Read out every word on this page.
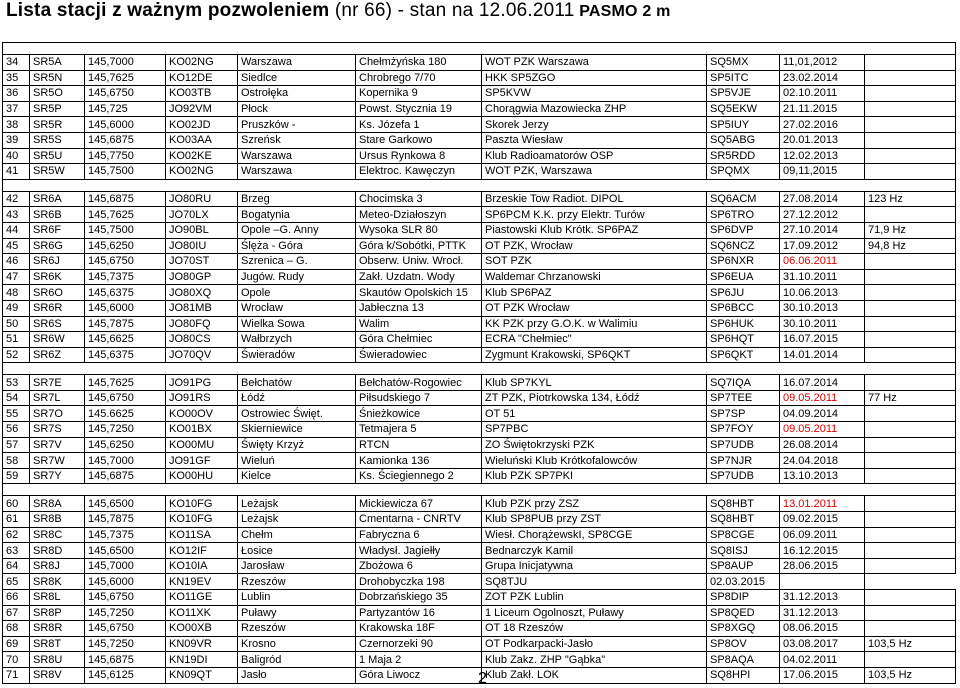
Lista stacji z ważnym pozwoleniem (nr 66) - stan na 12.06.2011 PASMO 2 m

34	SR5A	145,7000	KO02NG	Warszawa	Chełmżyńska 180	WOT PZK Warszawa	SQ5MX	11,01,2012	
35	SR5N	145,7625	KO12DE	Siedlce	Chrobrego 7/70	HKK SP5ZGO	SP5ITC	23.02.2014	
36	SR5O	145,6750	KO03TB	Ostrołęka	Kopernika 9	SP5KVW	SP5VJE	02.10.2011	
37	SR5P	145,725	JO92VM	Płock	Powst. Stycznia 19	Chorągwia Mazowiecka ZHP	SQ5EKW	21.11.2015	
38	SR5R	145,6000	KO02JD	Pruszków -	Ks. Józefa 1	Skorek Jerzy	SP5IUY	27.02.2016	
39	SR5S	145,6875	KO03AA	Szreńsk	Stare Garkowo	Paszta Wiesław	SQ5ABG	20.01.2013	
40	SR5U	145,7750	KO02KE	Warszawa	Ursus Rynkowa 8	Klub Radioamatorów OSP	SR5RDD	12.02.2013	
41	SR5W	145,7500	KO02NG	Warszawa	Elektroc. Kawęczyn	WOT PZK, Warszawa	SPQMX	09,11,2015	

42	SR6A	145,6875	JO80RU	Brzeg	Chocimska 3	Brzeskie Tow Radiot. DIPOL	SQ6ACM	27.08.2014	123 Hz
43	SR6B	145,7625	JO70LX	Bogatynia	Meteo-Działoszyn	SP6PCM K.K. przy Elektr. Turów	SP6TRO	27.12.2012	
44	SR6F	145,7500	JO90BL	Opole –G. Anny	Wysoka SLR 80	Piastowski Klub Krótk. SP6PAZ	SP6DVP	27.10.2014	71,9 Hz
45	SR6G	145,6250	JO80IU	Ślęża - Góra	Góra k/Sobótki, PTTK	OT PZK, Wrocław	SQ6NCZ	17.09.2012	94,8 Hz
46	SR6J	145,6750	JO70ST	Szrenica – G.	Obserw. Uniw. Wrocł.	SOT PZK	SP6NXR	06.06.2011	
47	SR6K	145,7375	JO80GP	Jugów. Rudy	Zakł. Uzdatn. Wody	Waldemar Chrzanowski	SP6EUA	31.10.2011	
48	SR6O	145,6375	JO80XQ	Opole	Skautów Opolskich 15	Klub SP6PAZ	SP6JU	10.06.2013	
49	SR6R	145,6000	JO81MB	Wrocław	Jabłeczna 13	OT PZK Wrocław	SP6BCC	30.10.2013	
50	SR6S	145,7875	JO80FQ	Wielka Sowa	Walim	KK PZK przy G.O.K. w Walimiu	SP6HUK	30.10.2011	
51	SR6W	145,6625	JO80CS	Wałbrzych	Góra Chełmiec	ECRA "Chełmiec"	SP6HQT	16.07.2015	
52	SR6Z	145,6375	JO70QV	Świeradów	Świeradowiec	Zygmunt Krakowski, SP6QKT	SP6QKT	14.01.2014	

53	SR7E	145,7625	JO91PG	Bełchatów	Bełchatów-Rogowiec	Klub SP7KYL	SQ7IQA	16.07.2014	
54	SR7L	145,6750	JO91RS	Łódź	Piłsudskiego 7	ZT PZK, Piotrkowska 134, Łódź	SP7TEE	09.05.2011	77 Hz
55	SR7O	145.6625	KO00OV	Ostrowiec Święt.	Śnieżkowice	OT 51	SP7SP	04.09.2014	
56	SR7S	145,7250	KO01BX	Skierniewice	Tetmajera 5	SP7PBC	SP7FOY	09.05.2011	
57	SR7V	145,6250	KO00MU	Święty Krzyż	RTCN	ZO Świętokrzyski PZK	SP7UDB	26.08.2014	
58	SR7W	145,7000	JO91GF	Wieluń	Kamionka 136	Wieluński Klub Krótkofalowców	SP7NJR	24.04.2018	
59	SR7Y	145,6875	KO00HU	Kielce	Ks. Ściegiennego 2	Klub PZK SP7PKI	SP7UDB	13.10.2013	

60	SR8A	145,6500	KO10FG	Leżajsk	Mickiewicza 67	Klub PZK przy ZSZ	SQ8HBT	13.01.2011	
61	SR8B	145,7875	KO10FG	Leżajsk	Cmentarna - CNRTV	Klub SP8PUB przy ZST	SQ8HBT	09.02.2015	
62	SR8C	145,7375	KO11SA	Chełm	Fabryczna 6	Wiesł. ChorążewskI, SP8CGE	SP8CGE	06.09.2011	
63	SR8D	145,6500	KO12IF	Łosice	Władysł. Jagiełły	Bednarczyk Kamil	SQ8ISJ	16.12.2015	
64	SR8J	145,7000	KO10IA	Jarosław	Zbożowa 6	Grupa Inicjatywna	SP8AUP	28.06.2015	
65	SR8K	145,6000	KN19EV	Rzeszów	Drohobyczka 198	SQ8TJU	02.03.2015		
66	SR8L	145,6750	KO11GE	Lublin	Dobrzańskiego 35	ZOT PZK Lublin	SP8DIP	31.12.2013	
67	SR8P	145,7250	KO11XK	Puławy	Partyzantów 16	1 Liceum Ogolnoszt, Puławy	SP8QED	31.12.2013	
68	SR8R	145,6750	KO00XB	Rzeszów	Krakowska 18F	OT 18 Rzeszów	SP8XGQ	08.06.2015	
69	SR8T	145,7250	KN09VR	Krosno	Czernorzeki 90	OT Podkarpacki-Jasło	SP8OV	03.08.2017	103,5 Hz
70	SR8U	145,6875	KN19DI	Baligród	1 Maja 2	Klub Zakz. ZHP "Gąbka"	SP8AQA	04.02.2011	
71	SR8V	145,6125	KN09QT	Jasło	Góra Liwocz	Klub Zakł. LOK	SQ8HPI	17.06.2015	103,5 Hz
2
